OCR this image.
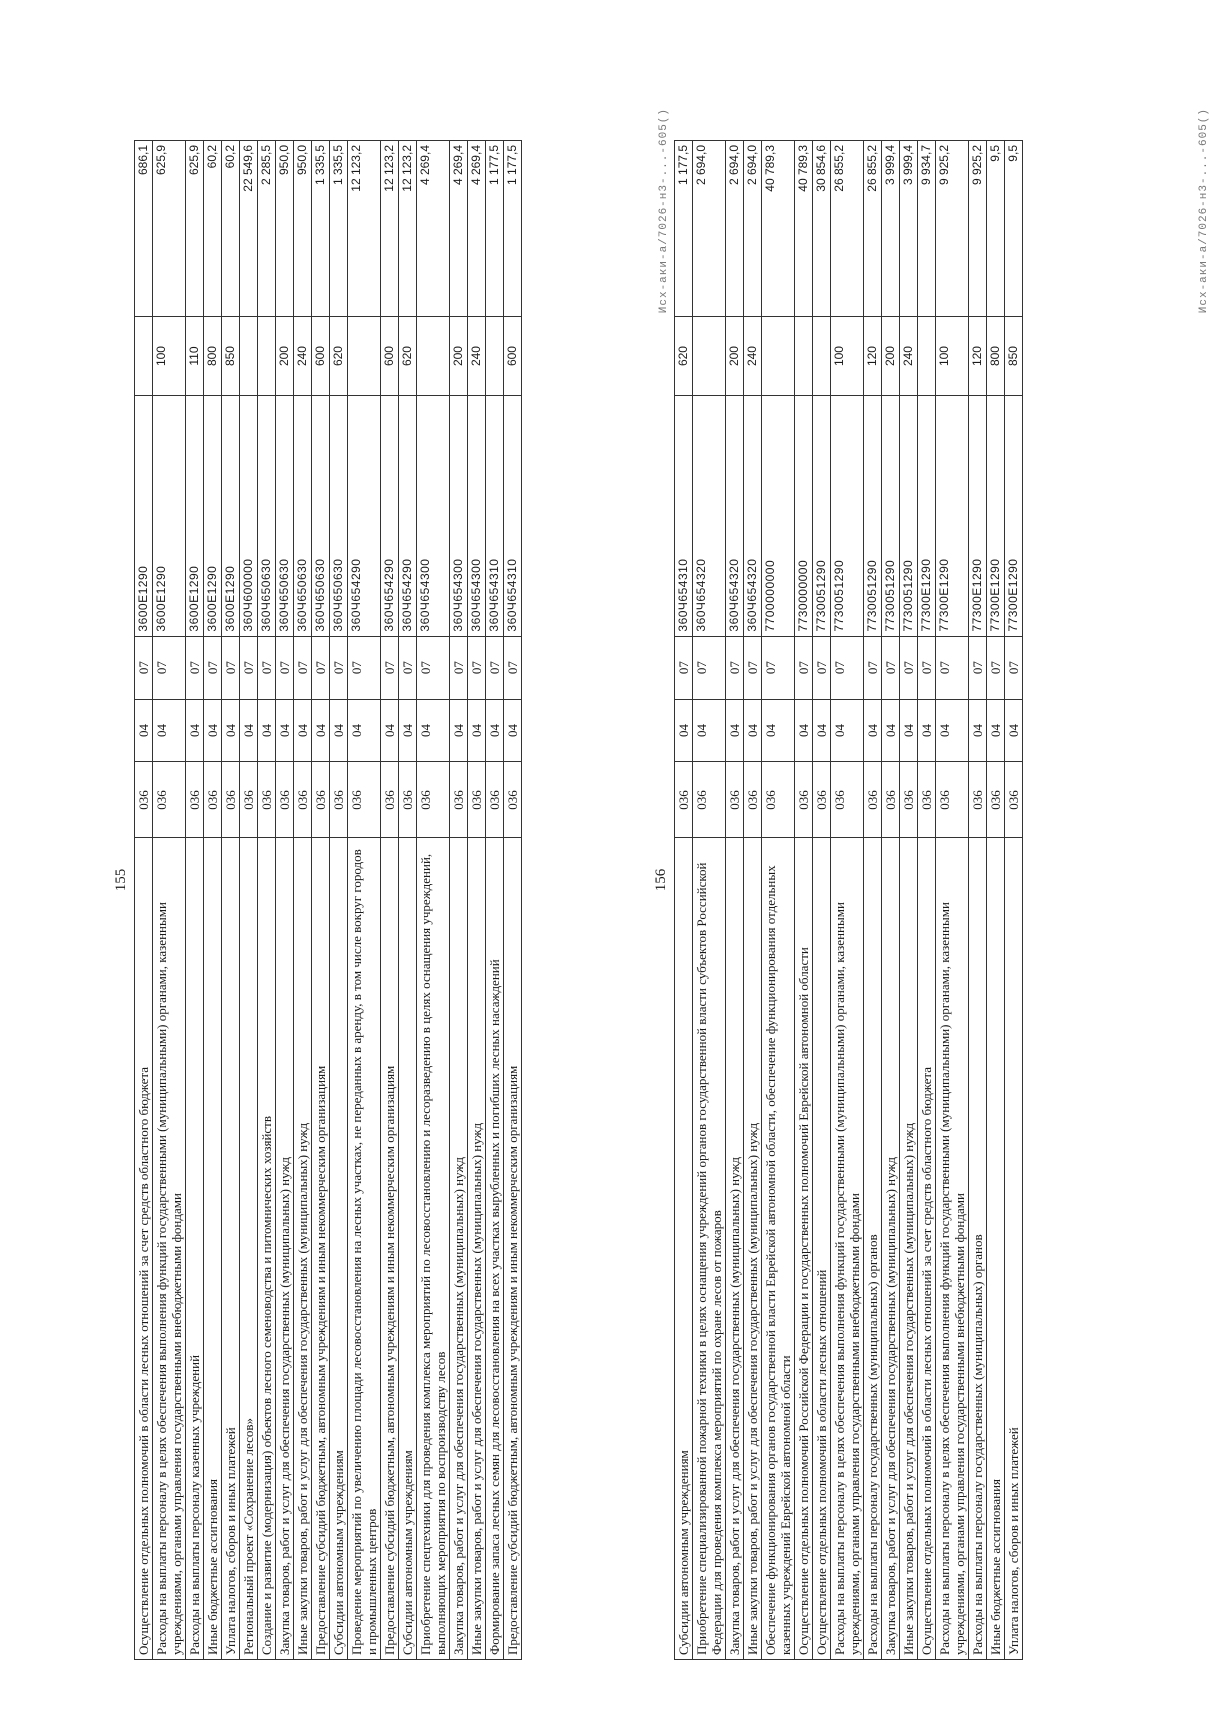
155
Осуществление отдельных полномочий в области лесных отношений за счет средств областного бюджета	036	04	07	3600Е1290		686,1
Расходы на выплаты персоналу в целях обеспечения выполнения функций государственными (муниципальными) органами, казенными учреждениями, органами управления государственными внебюджетными фондами	036	04	07	3600Е1290	100	625,9
Расходы на выплаты персоналу казенных учреждений	036	04	07	3600Е1290	110	625,9
Иные бюджетные ассигнования	036	04	07	3600Е1290	800	60,2
Уплата налогов, сборов и иных платежей	036	04	07	3600Е1290	850	60,2
Региональный проект «Сохранение лесов»	036	04	07	360Ч600000		22 549,6
Создание и развитие (модернизация) объектов лесного семеноводства и питомнических хозяйств	036	04	07	360Ч650630		2 285,5
Закупка товаров, работ и услуг для обеспечения государственных (муниципальных) нужд	036	04	07	360Ч650630	200	950,0
Иные закупки товаров, работ и услуг для обеспечения государственных (муниципальных) нужд	036	04	07	360Ч650630	240	950,0
Предоставление субсидий бюджетным, автономным учреждениям и иным некоммерческим организациям	036	04	07	360Ч650630	600	1 335,5
Субсидии автономным учреждениям	036	04	07	360Ч650630	620	1 335,5
Проведение мероприятий по увеличению площади лесовосстановления на лесных участках, не переданных в аренду, в том числе вокруг городов и промышленных центров	036	04	07	360Ч654290		12 123,2
Предоставление субсидий бюджетным, автономным учреждениям и иным некоммерческим организациям	036	04	07	360Ч654290	600	12 123,2
Субсидии автономным учреждениям	036	04	07	360Ч654290	620	12 123,2
Приобретение спецтехники для проведения комплекса мероприятий по лесовосстановлению и лесоразведению в целях оснащения учреждений, выполняющих мероприятия по воспроизводству лесов	036	04	07	360Ч654300		4 269,4
Закупка товаров, работ и услуг для обеспечения государственных (муниципальных) нужд	036	04	07	360Ч654300	200	4 269,4
Иные закупки товаров, работ и услуг для обеспечения государственных (муниципальных) нужд	036	04	07	360Ч654300	240	4 269,4
Формирование запаса лесных семян для лесовосстановления на всех участках вырубленных и погибших лесных насаждений	036	04	07	360Ч654310		1 177,5
Предоставление субсидий бюджетным, автономным учреждениям и иным некоммерческим организациям	036	04	07	360Ч654310	600	1 177,5	Исх-аки-а/7026-н3-...-605()
156
Субсидии автономным учреждениям	036	04	07	360Ч654310	620	1 177,5
Приобретение специализированной пожарной техники в целях оснащения учреждений органов государственной власти субъектов Российской Федерации для проведения комплекса мероприятий по охране лесов от пожаров	036	04	07	360Ч654320		2 694,0
Закупка товаров, работ и услуг для обеспечения государственных (муниципальных) нужд	036	04	07	360Ч654320	200	2 694,0
Иные закупки товаров, работ и услуг для обеспечения государственных (муниципальных) нужд	036	04	07	360Ч654320	240	2 694,0
Обеспечение функционирования органов государственной власти Еврейской автономной области, обеспечение функционирования отдельных казенных учреждений Еврейской автономной области	036	04	07	7700000000		40 789,3
Осуществление отдельных полномочий Российской Федерации и государственных полномочий Еврейской автономной области	036	04	07	7730000000		40 789,3
Осуществление отдельных полномочий в области лесных отношений	036	04	07	7730051290		30 854,6
Расходы на выплаты персоналу в целях обеспечения выполнения функций государственными (муниципальными) органами, казенными учреждениями, органами управления государственными внебюджетными фондами	036	04	07	7730051290	100	26 855,2
Расходы на выплаты персоналу государственных (муниципальных) органов	036	04	07	7730051290	120	26 855,2
Закупка товаров, работ и услуг для обеспечения государственных (муниципальных) нужд	036	04	07	7730051290	200	3 999,4
Иные закупки товаров, работ и услуг для обеспечения государственных (муниципальных) нужд	036	04	07	7730051290	240	3 999,4
Осуществление отдельных полномочий в области лесных отношений за счет средств областного бюджета	036	04	07	77300Е1290		9 934,7
Расходы на выплаты персоналу в целях обеспечения выполнения функций государственными (муниципальными) органами, казенными учреждениями, органами управления государственными внебюджетными фондами	036	04	07	77300Е1290	100	9 925,2
Расходы на выплаты персоналу государственных (муниципальных) органов	036	04	07	77300Е1290	120	9 925,2
Иные бюджетные ассигнования	036	04	07	77300Е1290	800	9,5
Уплата налогов, сборов и иных платежей	036	04	07	77300Е1290	850	9,5	Исх-аки-а/7026-н3-...-605()
